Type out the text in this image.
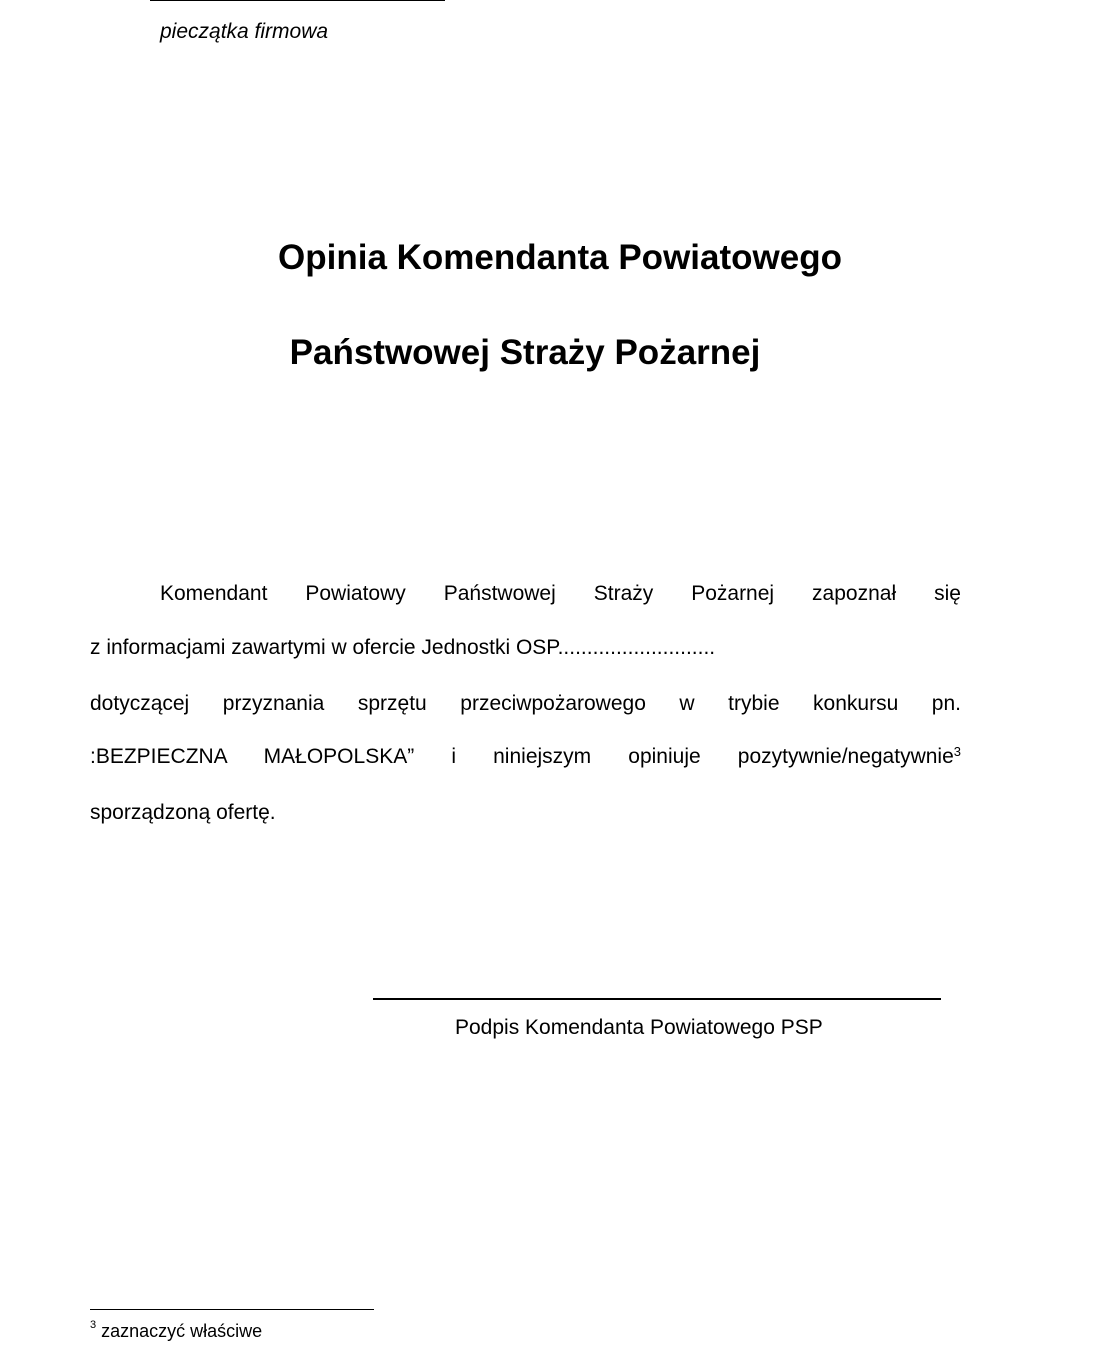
pieczątka firmowa
Opinia Komendanta Powiatowego
Państwowej Straży Pożarnej
Komendant Powiatowy Państwowej Straży Pożarnej zapoznał się
z informacjami zawartymi w ofercie Jednostki OSP...........................
dotyczącej przyznania sprzętu przeciwpożarowego w trybie konkursu pn.
:BEZPIECZNA MAŁOPOLSKA” i niniejszym opiniuje pozytywnie/negatywnie$^3$
sporządzoną ofertę.
Podpis Komendanta Powiatowego PSP
$^3$ zaznaczyć właściwe
